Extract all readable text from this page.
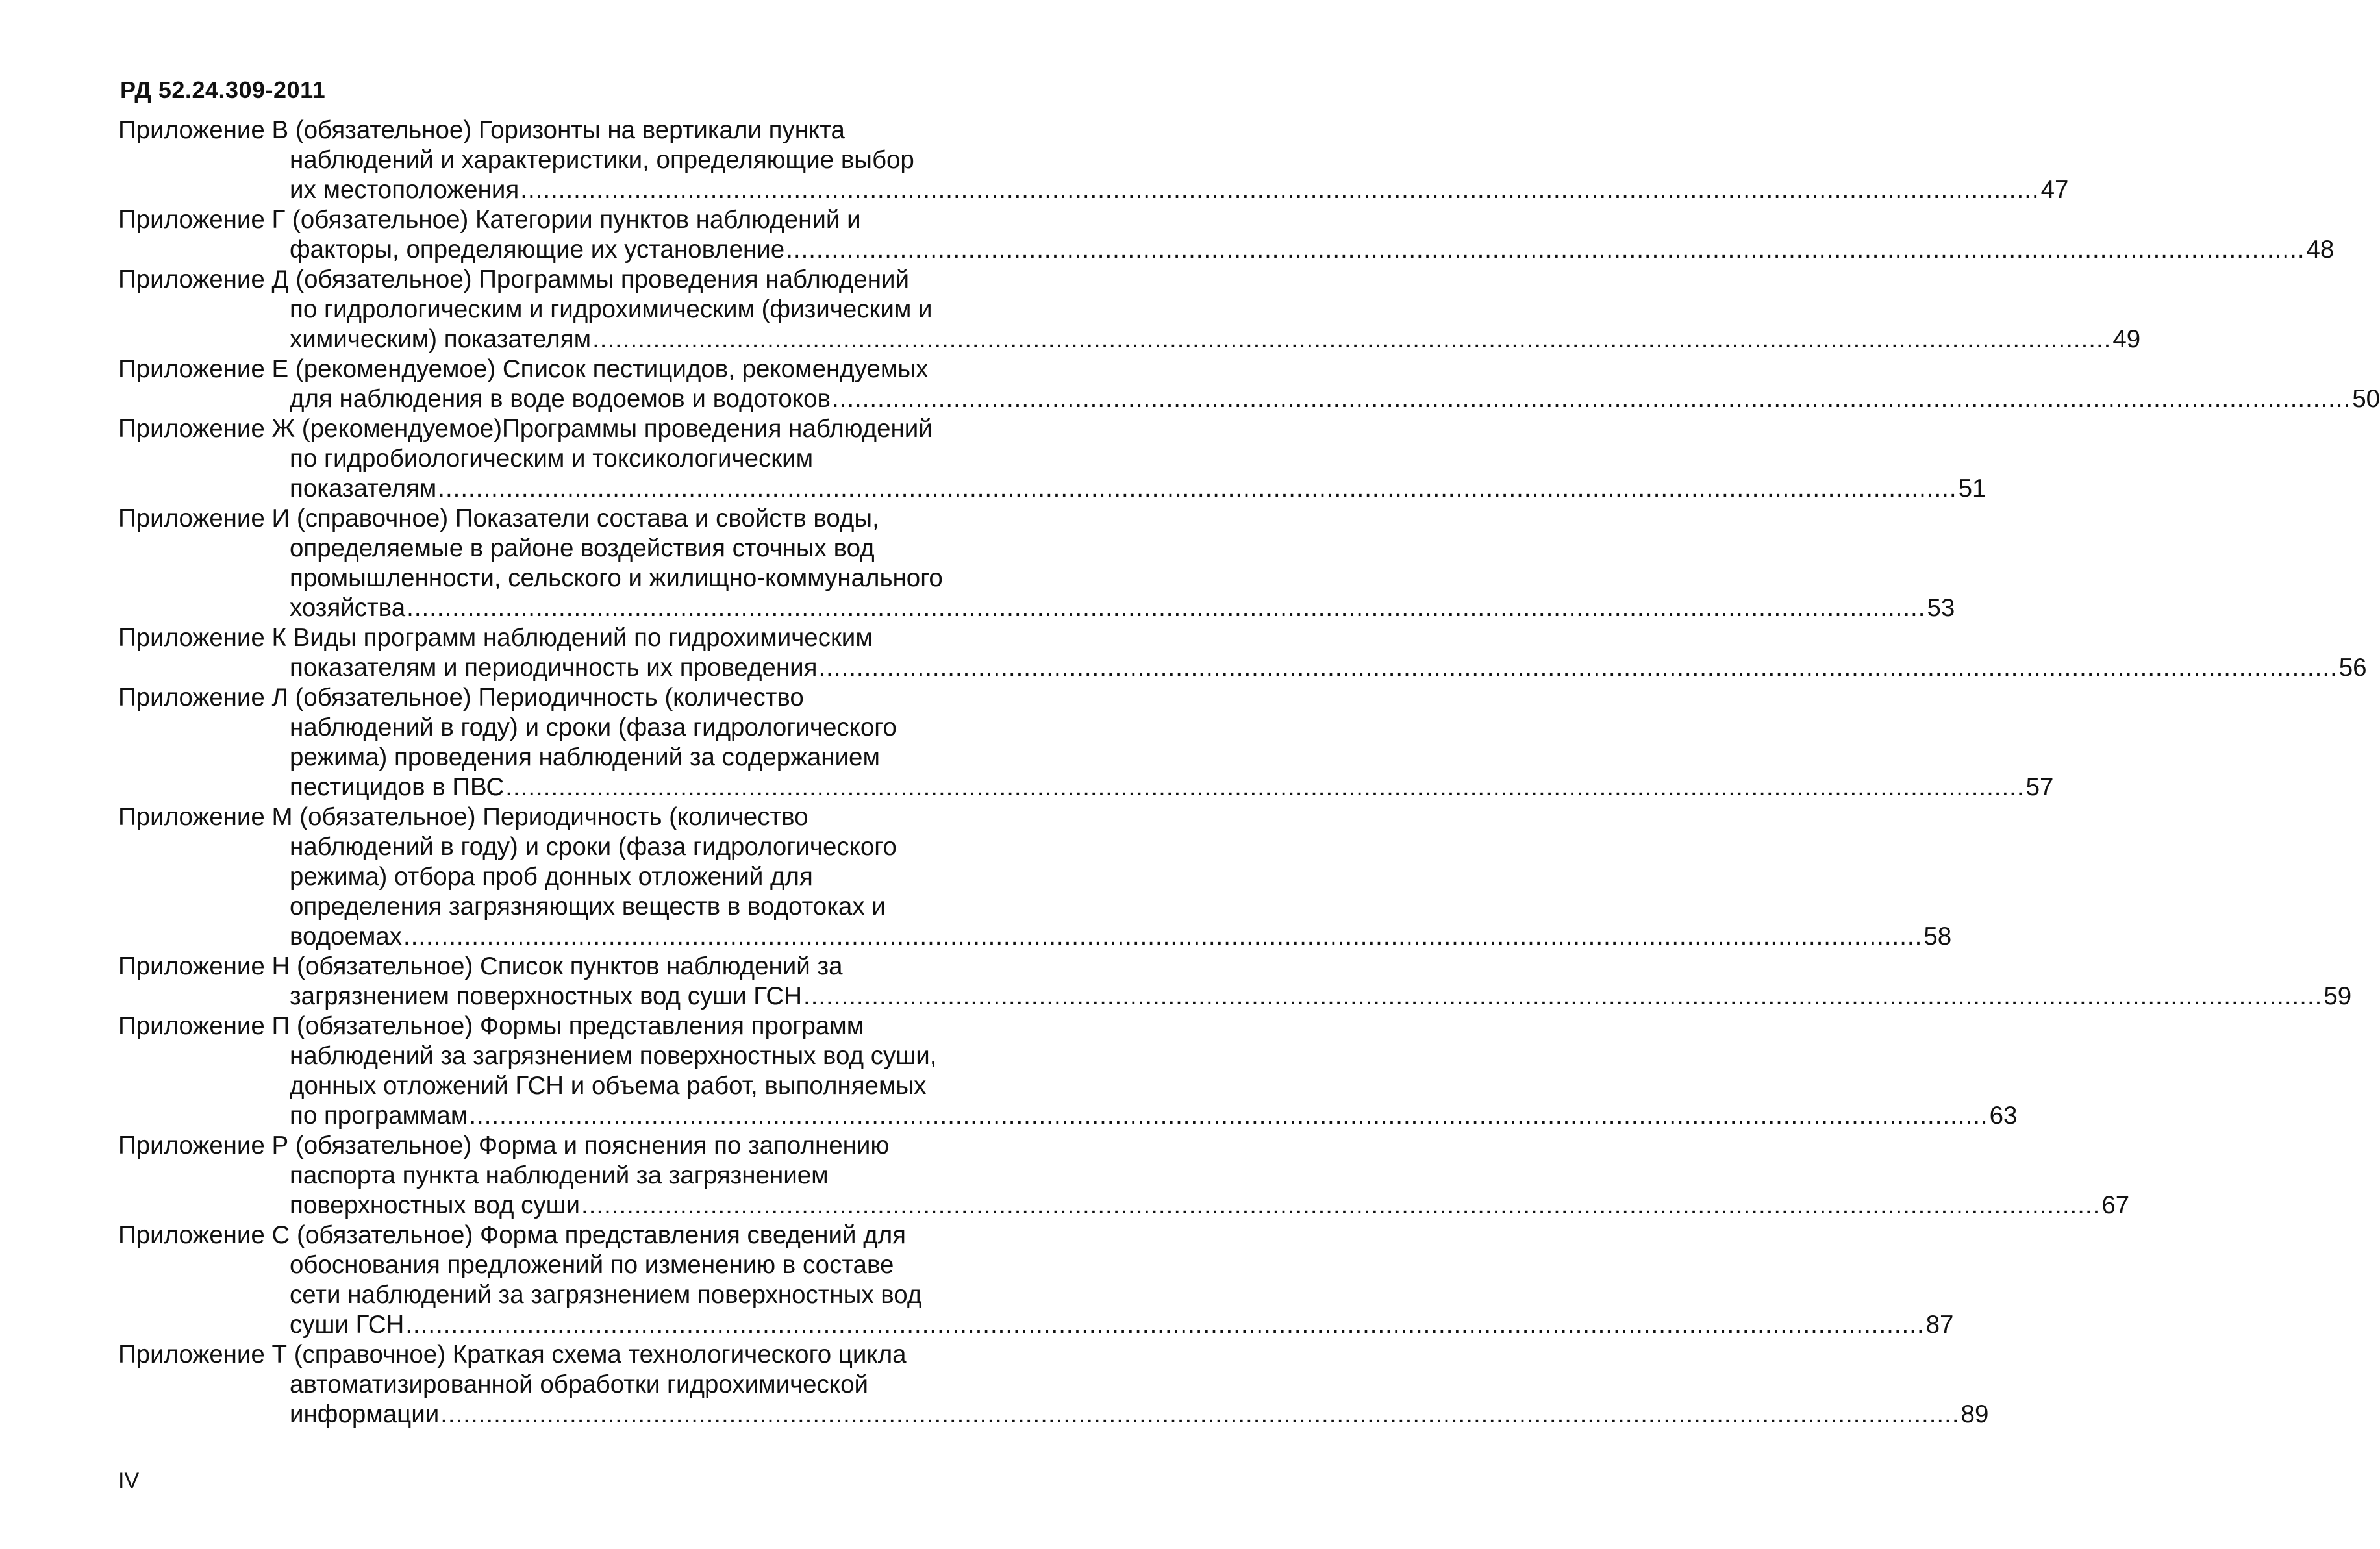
РД 52.24.309-2011

Приложение В (обязательное) Горизонты на вертикали пункта
наблюдений и характеристики, определяющие выбор
их местоположения ........................................................................................................................................................................................................ 47
Приложение Г (обязательное) Категории пунктов наблюдений и
факторы, определяющие их установление ........................................................................................................................................................................................................ 48
Приложение Д (обязательное) Программы проведения наблюдений
по гидрологическим и гидрохимическим (физическим и
химическим) показателям ........................................................................................................................................................................................................ 49
Приложение Е (рекомендуемое) Список пестицидов, рекомендуемых
для наблюдения в воде водоемов и водотоков ........................................................................................................................................................................................................ 50
Приложение Ж (рекомендуемое)Программы проведения наблюдений
по гидробиологическим и токсикологическим
показателям ........................................................................................................................................................................................................ 51
Приложение И (справочное) Показатели состава и свойств воды,
определяемые в районе воздействия сточных вод
промышленности, сельского и жилищно-коммунального
хозяйства ........................................................................................................................................................................................................ 53
Приложение К Виды программ наблюдений по гидрохимическим
показателям и периодичность их проведения ........................................................................................................................................................................................................ 56
Приложение Л (обязательное) Периодичность (количество
наблюдений в году) и сроки (фаза гидрологического
режима) проведения наблюдений за содержанием
пестицидов в ПВС ........................................................................................................................................................................................................ 57
Приложение М (обязательное) Периодичность (количество
наблюдений в году) и сроки (фаза гидрологического
режима) отбора проб донных отложений для
определения загрязняющих веществ в водотоках и
водоемах ........................................................................................................................................................................................................ 58
Приложение Н (обязательное) Список пунктов наблюдений за
загрязнением поверхностных вод суши ГСН ........................................................................................................................................................................................................ 59
Приложение П (обязательное) Формы представления программ
наблюдений за загрязнением поверхностных вод суши,
донных отложений ГСН и объема работ, выполняемых
по программам ........................................................................................................................................................................................................ 63
Приложение Р (обязательное) Форма и пояснения по заполнению
паспорта пункта наблюдений за загрязнением
поверхностных вод суши ........................................................................................................................................................................................................ 67
Приложение С (обязательное) Форма представления сведений для
обоснования предложений по изменению в составе
сети наблюдений за загрязнением поверхностных вод
суши ГСН ........................................................................................................................................................................................................ 87
Приложение Т (справочное) Краткая схема технологического цикла
автоматизированной обработки гидрохимической
информации ........................................................................................................................................................................................................ 89
IV
